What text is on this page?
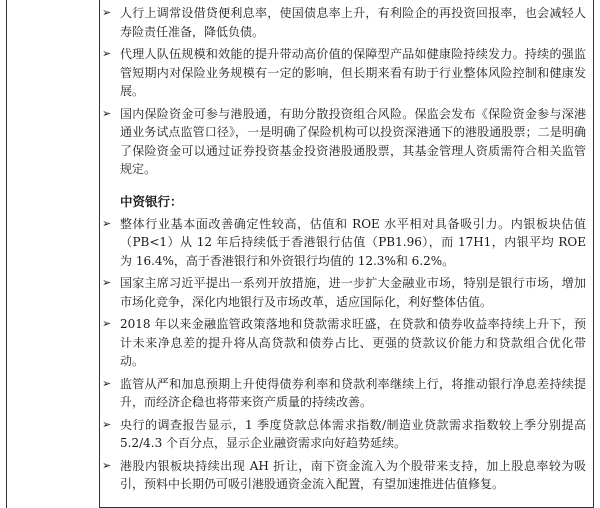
➢ 人行上调常设借贷便利息率，使国债息率上升，有利险企的再投资回报率，也会减轻人寿险责任准备，降低负债。
➢ 代理人队伍规模和效能的提升带动高价值的保障型产品如健康险持续发力。持续的强监管短期内对保险业务规模有一定的影响，但长期来看有助于行业整体风险控制和健康发展。
➢ 国内保险资金可参与港股通，有助分散投资组合风险。保监会发布《保险资金参与深港通业务试点监管口径》，一是明确了保险机构可以投资深港通下的港股通股票；二是明确了保险资金可以通过证券投资基金投资港股通股票，其基金管理人资质需符合相关监管规定。
中资银行：
➢ 整体行业基本面改善确定性较高，估值和 ROE 水平相对具备吸引力。内银板块估值（PB<1）从 12 年后持续低于香港银行估值（PB1.96），而 17H1，内银平均 ROE 为 16.4%，高于香港银行和外资银行均值的 12.3%和 6.2%。
➢ 国家主席习近平提出一系列开放措施，进一步扩大金融业市场，特别是银行市场，增加市场化竞争，深化内地银行及市场改革，适应国际化，利好整体估值。
➢ 2018 年以来金融监管政策落地和贷款需求旺盛，在贷款和债券收益率持续上升下，预计未来净息差的提升将从高贷款和债券占比、更强的贷款议价能力和贷款组合优化带动。
➢ 监管从严和加息预期上升使得债券利率和贷款利率继续上行，将推动银行净息差持续提升，而经济企稳也将带来资产质量的持续改善。
➢ 央行的调查报告显示，1 季度贷款总体需求指数/制造业贷款需求指数较上季分别提高 5.2/4.3 个百分点，显示企业融资需求向好趋势延续。
➢ 港股内银板块持续出现 AH 折让，南下资金流入为个股带来支持，加上股息率较为吸引，预料中长期仍可吸引港股通资金流入配置，有望加速推进估值修复。
